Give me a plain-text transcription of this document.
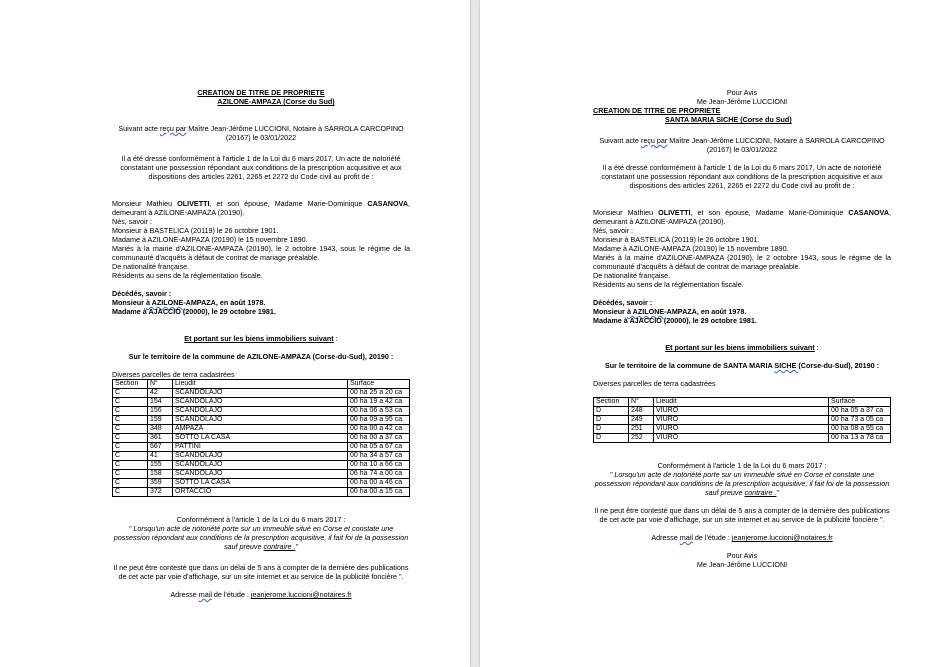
CREATION DE TITRE DE PROPRIETE
AZILONE-AMPAZA (Corse du Sud)
Suivant acte reçu par Maître Jean-Jérôme LUCCIONI, Notaire à SARROLA CARCOPINO (20167) le 03/01/2022
Il a été dressé conformément à l'article 1 de la Loi du 6 mars 2017, Un acte de notoriété constatant une possession répondant aux conditions de la prescription acquisitive et aux dispositions des articles 2261, 2265 et 2272 du Code civil au profit de :
Monsieur Mathieu OLIVETTI, et son épouse, Madame Marie-Dominique CASANOVA, demeurant à AZILONE-AMPAZA (20190).
Nés, savoir :
Monsieur à BASTELICA (20119) le 26 octobre 1901.
Madame à AZILONE-AMPAZA (20190) le 15 novembre 1890.
Mariés à la mairie d'AZILONE-AMPAZA (20190), le 2 octobre 1943, sous le régime de la communauté d'acquêts à défaut de contrat de mariage préalable.
De nationalité française.
Résidents au sens de la réglementation fiscale.
Décédés, savoir :
Monsieur à AZILONE-AMPAZA, en août 1978.
Madame à AJACCIO (20000), le 29 octobre 1981.
Et portant sur les biens immobiliers suivant :
Sur le territoire de la commune de AZILONE-AMPAZA (Corse-du-Sud), 20190 :
Diverses parcelles de terra cadastrées
Section	N°	Lieudit	Surface
C	42	SCANDOLAJO	00 ha 25 a 20 ca
C	154	SCANDOLAJO	00 ha 19 a 42 ca
C	156	SCANDOLAJO	00 ha 06 a 53 ca
C	159	SCANDOLAJO	00 ha 09 a 95 ca
C	348	AMPAZA	00 ha 00 a 42 ca
C	361	SOTTO LA CASA	00 ha 00 a 37 ca
C	567	PATTINI	00 ha 05 a 67 ca
C	41	SCANDOLAJO	00 ha 34 a 57 ca
C	155	SCANDOLAJO	00 ha 10 a 66 ca
C	158	SCANDOLAJO	06 ha 74 a 00 ca
C	359	SOTTO LA CASA	00 ha 00 a 46 ca
C	372	ORTACCIO	00 ha 00 a 15 ca
Conformément à l'article 1 de la Loi du 6 mars 2017 :
" Lorsqu'un acte de notoriété porte sur un immeuble situé en Corse et constate une possession répondant aux conditions de la prescription acquisitive, il fait foi de la possession sauf preuve contraire ."
Il ne peut être contesté que dans un délai de 5 ans à compter de la dernière des publications de cet acte par voie d'affichage, sur un site internet et au service de la publicité foncière ".
Adresse mail de l'étude : jeanjerome.luccioni@notaires.fr
Pour Avis
Me Jean-Jérôme LUCCIONI
CREATION DE TITRE DE PROPRIETE
SANTA MARIA SICHE (Corse du Sud)
Suivant acte reçu par Maître Jean-Jérôme LUCCIONI, Notaire à SARROLA CARCOPINO (20167) le 03/01/2022
Il a été dressé conformément à l'article 1 de la Loi du 6 mars 2017, Un acte de notoriété constatant une possession répondant aux conditions de la prescription acquisitive et aux dispositions des articles 2261, 2265 et 2272 du Code civil au profit de :
Monsieur Mathieu OLIVETTI, et son épouse, Madame Marie-Dominique CASANOVA, demeurant à AZILONE-AMPAZA (20190).
Nés, savoir :
Monsieur à BASTELICA (20119) le 26 octobre 1901.
Madame à AZILONE-AMPAZA (20190) le 15 novembre 1890.
Mariés à la mairie d'AZILONE-AMPAZA (20190), le 2 octobre 1943, sous le régime de la communauté d'acquêts à défaut de contrat de mariage préalable.
De nationalité française.
Résidents au sens de la réglementation fiscale.
Décédés, savoir :
Monsieur à AZILONE-AMPAZA, en août 1978.
Madame à AJACCIO (20000), le 29 octobre 1981.
Et portant sur les biens immobiliers suivant :
Sur le territoire de la commune de SANTA MARIA SICHE (Corse-du-Sud), 20190 :
Diverses parcelles de terra cadastrées
Section	N°	Lieudit	Surface
D	248	VIURO	00 ha 05 a 37 ca
D	249	VIURO	00 ha 73 a 05 ca
D	251	VIURO	00 ha 08 a 55 ca
D	252	VIURO	00 ha 13 a 78 ca
Conformément à l'article 1 de la Loi du 6 mars 2017 :
" Lorsqu'un acte de notoriété porte sur un immeuble situé en Corse et constate une possession répondant aux conditions de la prescription acquisitive, il fait foi de la possession sauf preuve contraire ."
Il ne peut être contesté que dans un délai de 5 ans à compter de la dernière des publications de cet acte par voie d'affichage, sur un site internet et au service de la publicité foncière ".
Adresse mail de l'étude : jeanjerome.luccioni@notaires.fr
Pour Avis
Me Jean-Jérôme LUCCIONI
